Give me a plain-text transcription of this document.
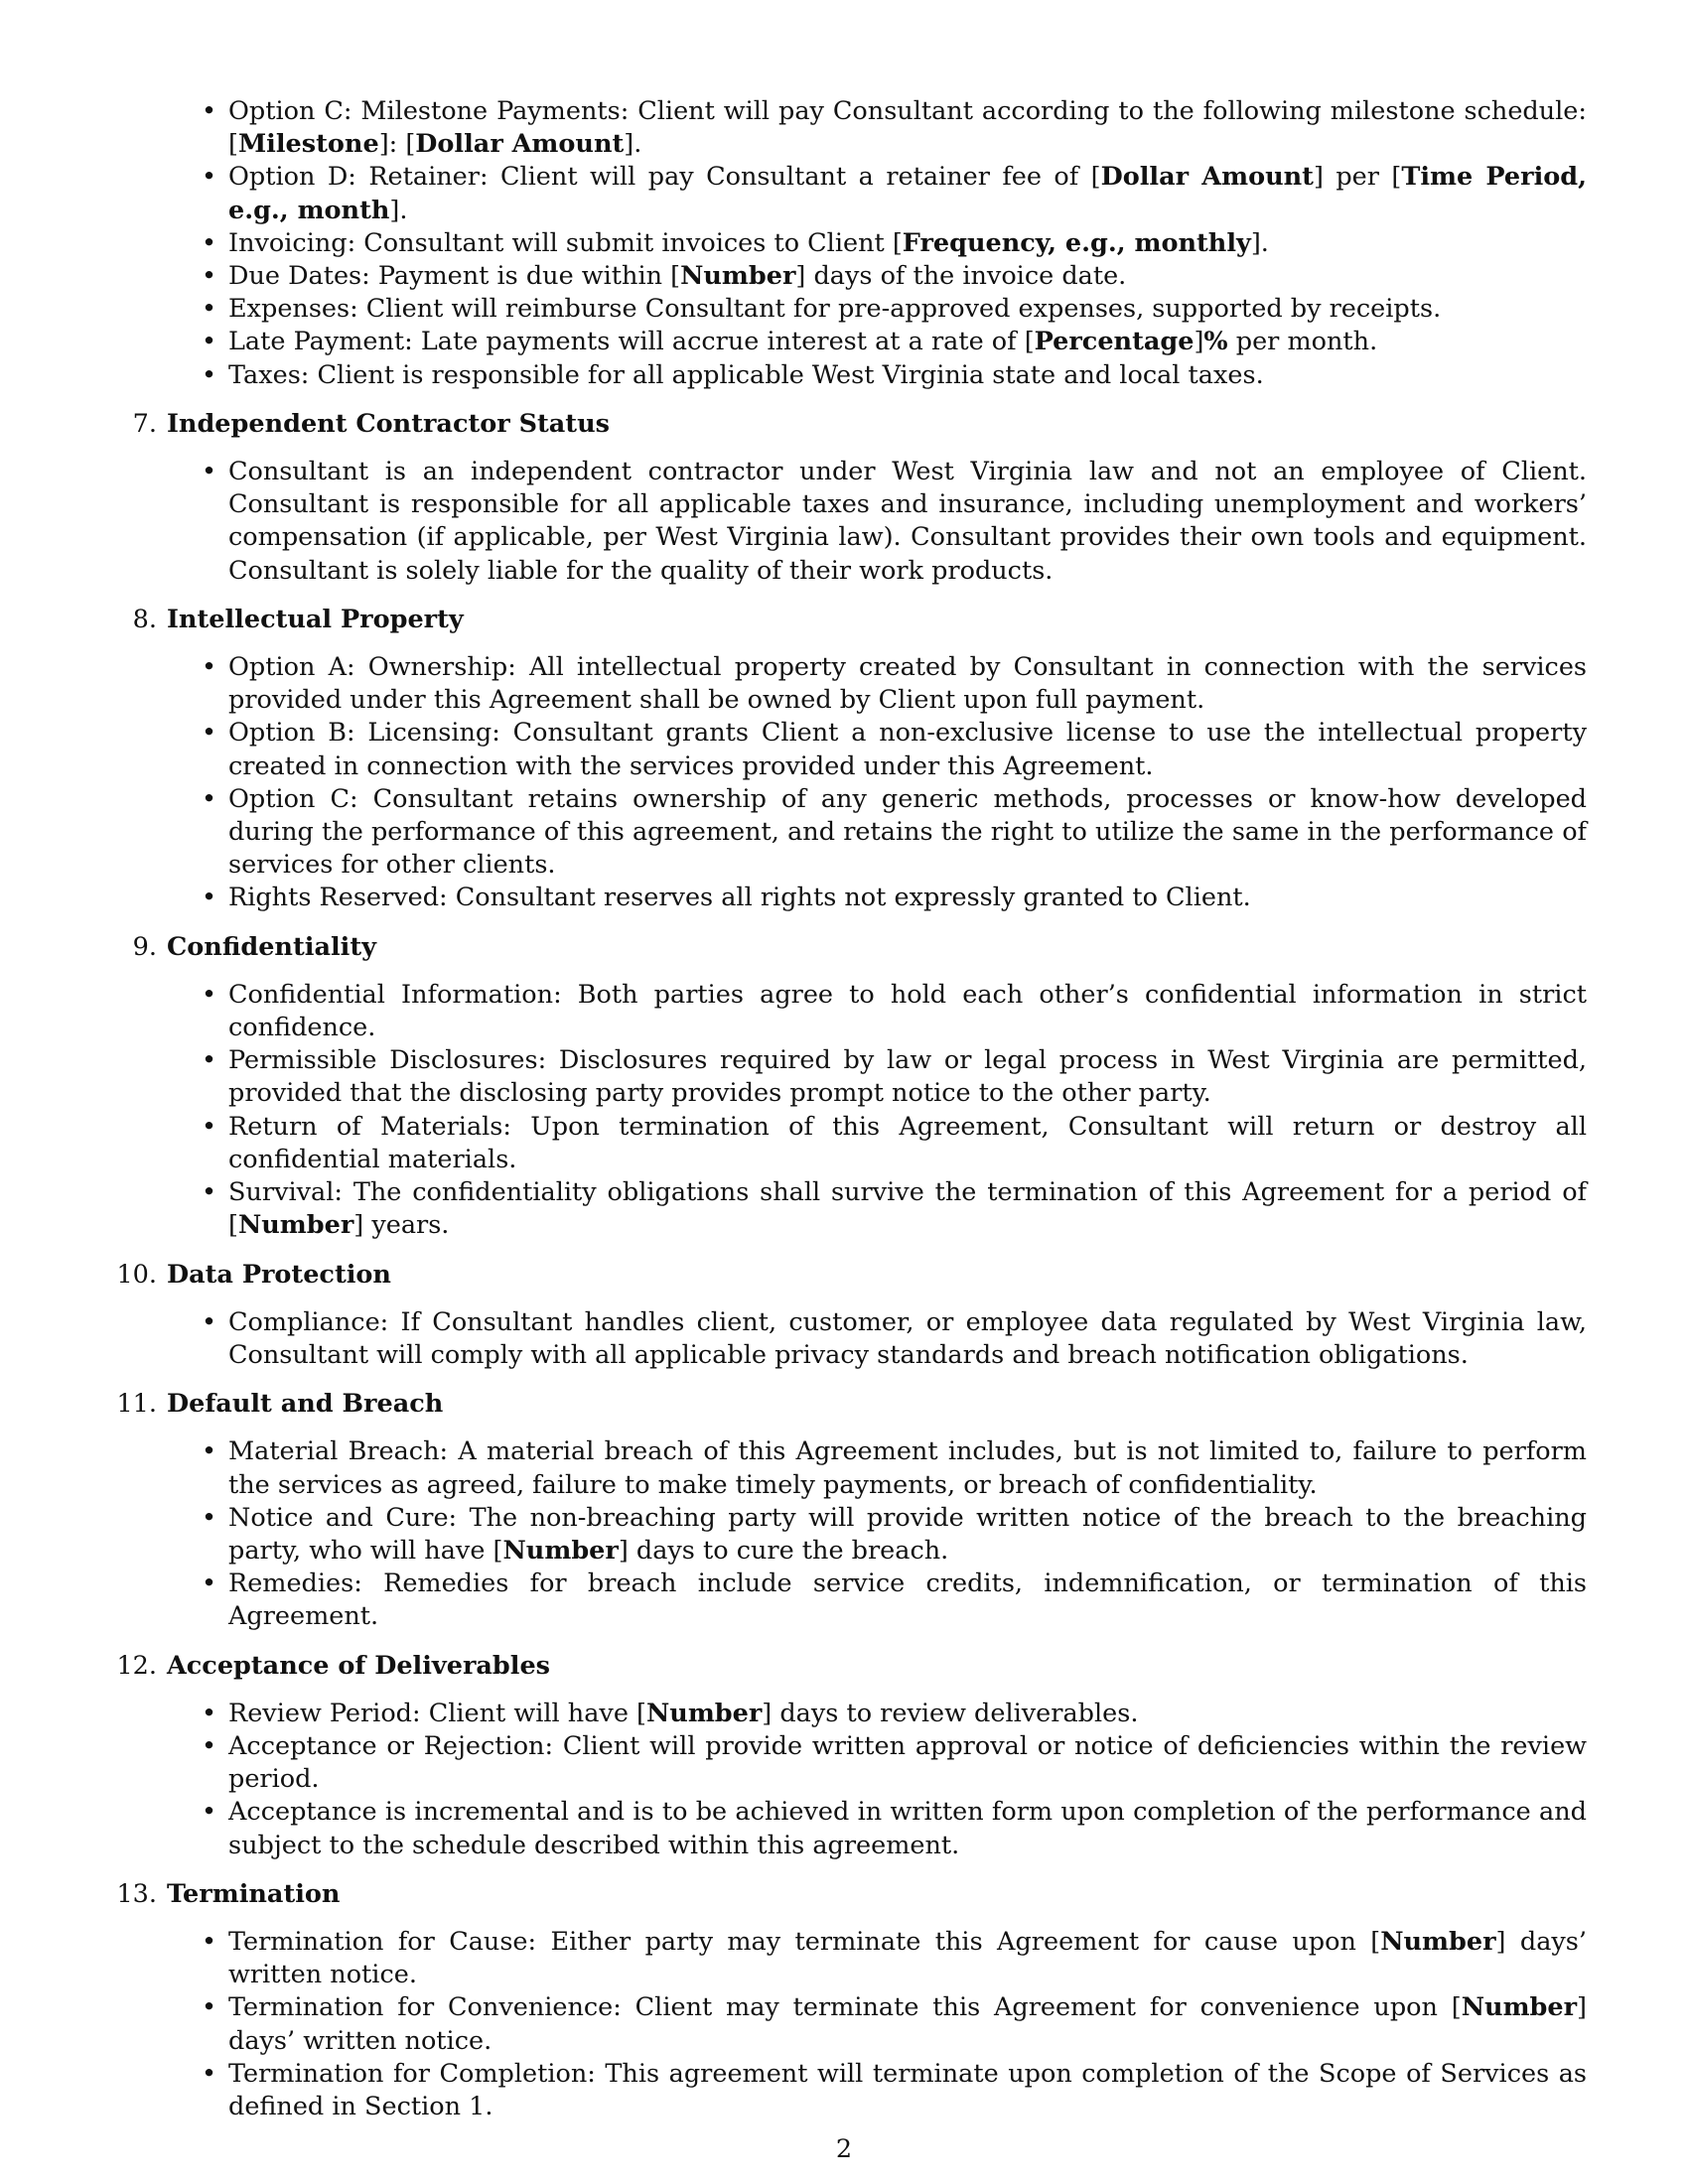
• Option C: Milestone Payments: Client will pay Consultant according to the following milestone schedule: [Milestone]: [Dollar Amount].
• Option D: Retainer: Client will pay Consultant a retainer fee of [Dollar Amount] per [Time Period, e.g., month].
• Invoicing: Consultant will submit invoices to Client [Frequency, e.g., monthly].
• Due Dates: Payment is due within [Number] days of the invoice date.
• Expenses: Client will reimburse Consultant for pre-approved expenses, supported by receipts.
• Late Payment: Late payments will accrue interest at a rate of [Percentage]% per month.
• Taxes: Client is responsible for all applicable West Virginia state and local taxes.
7. Independent Contractor Status
• Consultant is an independent contractor under West Virginia law and not an employee of Client. Consultant is responsible for all applicable taxes and insurance, including unemployment and workers’ compensation (if applicable, per West Virginia law). Consultant provides their own tools and equipment. Consultant is solely liable for the quality of their work products.
8. Intellectual Property
• Option A: Ownership: All intellectual property created by Consultant in connection with the services provided under this Agreement shall be owned by Client upon full payment.
• Option B: Licensing: Consultant grants Client a non-exclusive license to use the intellectual property created in connection with the services provided under this Agreement.
• Option C: Consultant retains ownership of any generic methods, processes or know-how developed during the performance of this agreement, and retains the right to utilize the same in the performance of services for other clients.
• Rights Reserved: Consultant reserves all rights not expressly granted to Client.
9. Confidentiality
• Confidential Information: Both parties agree to hold each other’s confidential information in strict confidence.
• Permissible Disclosures: Disclosures required by law or legal process in West Virginia are permitted, provided that the disclosing party provides prompt notice to the other party.
• Return of Materials: Upon termination of this Agreement, Consultant will return or destroy all confidential materials.
• Survival: The confidentiality obligations shall survive the termination of this Agreement for a period of [Number] years.
10. Data Protection
• Compliance: If Consultant handles client, customer, or employee data regulated by West Virginia law, Consultant will comply with all applicable privacy standards and breach notification obligations.
11. Default and Breach
• Material Breach: A material breach of this Agreement includes, but is not limited to, failure to perform the services as agreed, failure to make timely payments, or breach of confidentiality.
• Notice and Cure: The non-breaching party will provide written notice of the breach to the breaching party, who will have [Number] days to cure the breach.
• Remedies: Remedies for breach include service credits, indemnification, or termination of this Agreement.
12. Acceptance of Deliverables
• Review Period: Client will have [Number] days to review deliverables.
• Acceptance or Rejection: Client will provide written approval or notice of deficiencies within the review period.
• Acceptance is incremental and is to be achieved in written form upon completion of the performance and subject to the schedule described within this agreement.
13. Termination
• Termination for Cause: Either party may terminate this Agreement for cause upon [Number] days’ written notice.
• Termination for Convenience: Client may terminate this Agreement for convenience upon [Number] days’ written notice.
• Termination for Completion: This agreement will terminate upon completion of the Scope of Services as defined in Section 1.
2
